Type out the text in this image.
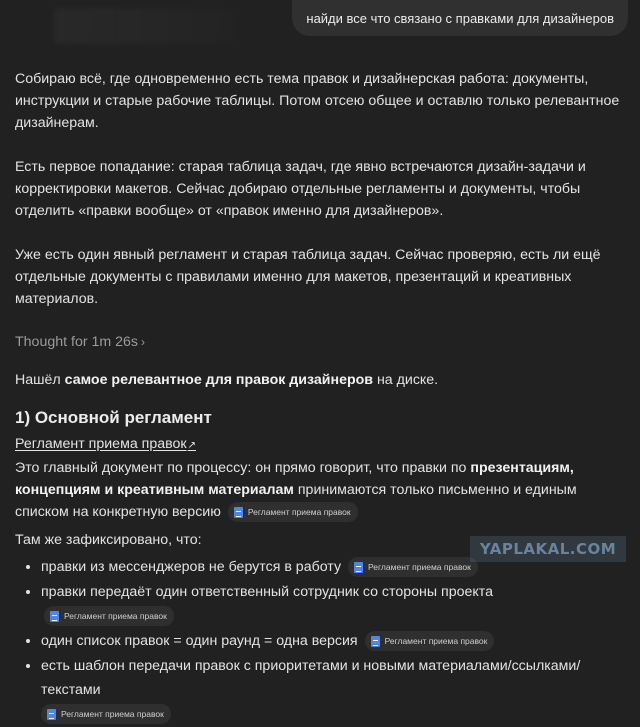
найди все что связано с правками для дизайнеров

Собираю всё, где одновременно есть тема правок и дизайнерская работа: документы, инструкции и старые рабочие таблицы. Потом отсею общее и оставлю только релевантное дизайнерам.

Есть первое попадание: старая таблица задач, где явно встречаются дизайн-задачи и корректировки макетов. Сейчас добираю отдельные регламенты и документы, чтобы отделить «правки вообще» от «правок именно для дизайнеров».

Уже есть один явный регламент и старая таблица задач. Сейчас проверяю, есть ли ещё отдельные документы с правилами именно для макетов, презентаций и креативных материалов.

Thought for 1m 26s ›

Нашёл самое релевантное для правок дизайнеров на диске.

1) Основной регламент
Регламент приема правок↗

Это главный документ по процессу: он прямо говорит, что правки по презентациям, концепциям и креативным материалам принимаются только письменно и единым списком на конкретную версию	Регламент приема правок

Там же зафиксировано, что:

• правки из мессенджеров не берутся в работу	Регламент приема правок
• правки передаёт один ответственный сотрудник со стороны проекта
Регламент приема правок
• один список правок = один раунд = одна версия	Регламент приема правок
• есть шаблон передачи правок с приоритетами и новыми материалами/ссылками/текстами

Регламент приема правок
YAPLAKAL.COM
